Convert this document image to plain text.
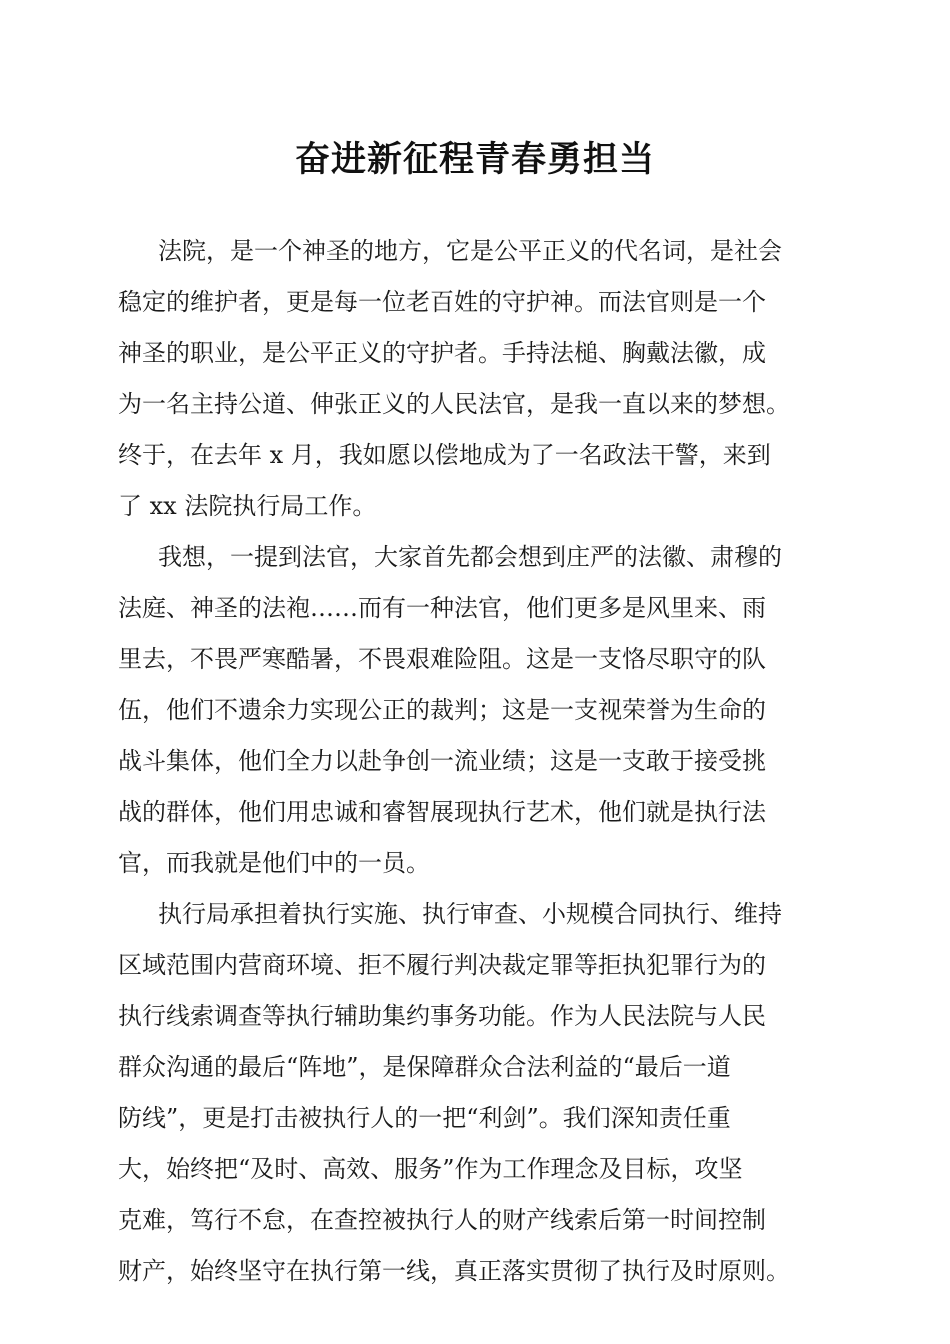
奋进新征程青春勇担当

法院，是一个神圣的地方，它是公平正义的代名词，是社会
稳定的维护者，更是每一位老百姓的守护神。而法官则是一个
神圣的职业，是公平正义的守护者。手持法槌、胸戴法徽，成
为一名主持公道、伸张正义的人民法官，是我一直以来的梦想。
终于，在去年 x 月，我如愿以偿地成为了一名政法干警，来到
了 xx 法院执行局工作。

我想，一提到法官，大家首先都会想到庄严的法徽、肃穆的
法庭、神圣的法袍……而有一种法官，他们更多是风里来、雨
里去，不畏严寒酷暑，不畏艰难险阻。这是一支恪尽职守的队
伍，他们不遗余力实现公正的裁判；这是一支视荣誉为生命的
战斗集体，他们全力以赴争创一流业绩；这是一支敢于接受挑
战的群体，他们用忠诚和睿智展现执行艺术，他们就是执行法
官，而我就是他们中的一员。

执行局承担着执行实施、执行审查、小规模合同执行、维持
区域范围内营商环境、拒不履行判决裁定罪等拒执犯罪行为的
执行线索调查等执行辅助集约事务功能。作为人民法院与人民
群众沟通的最后“阵地”，是保障群众合法利益的“最后一道
防线”，更是打击被执行人的一把“利剑”。我们深知责任重
大，始终把“及时、高效、服务”作为工作理念及目标，攻坚
克难，笃行不怠，在查控被执行人的财产线索后第一时间控制
财产，始终坚守在执行第一线，真正落实贯彻了执行及时原则。
